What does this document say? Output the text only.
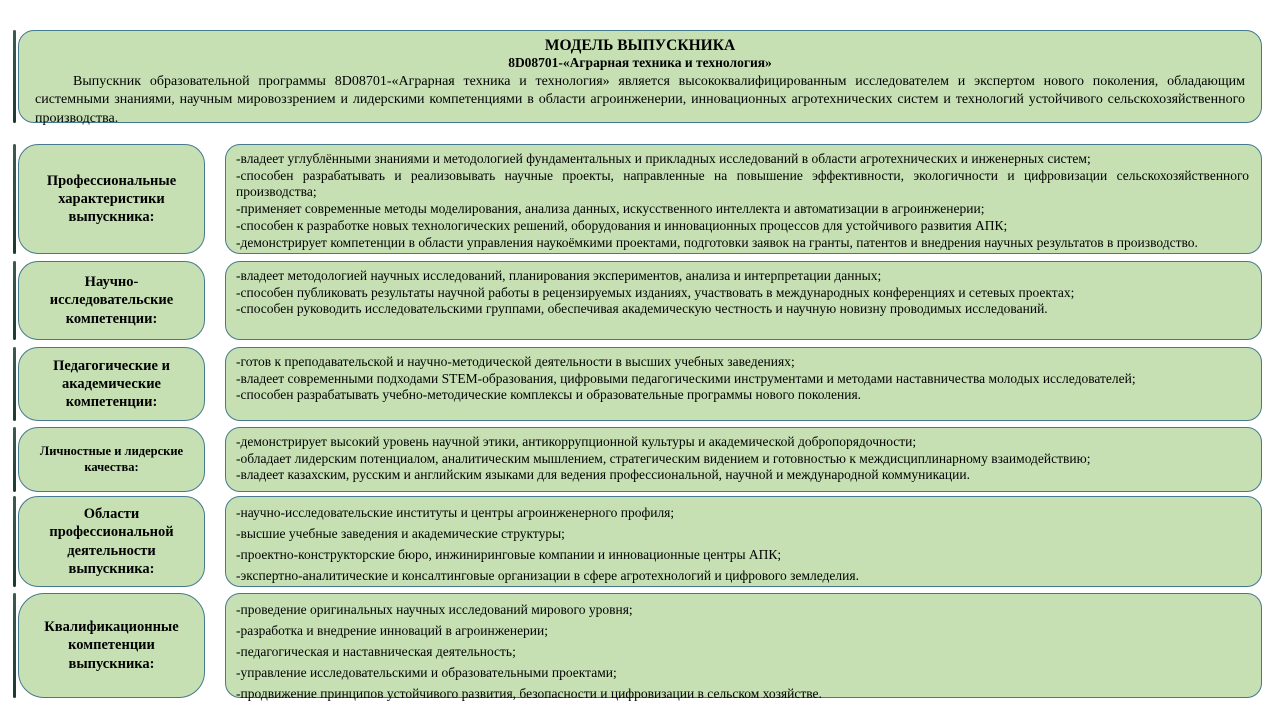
МОДЕЛЬ ВЫПУСКНИКА
8D08701-«Аграрная техника и технология»
Выпускник образовательной программы 8D08701-«Аграрная техника и технология» является высококвалифицированным исследователем и экспертом нового поколения, обладающим системными знаниями, научным мировоззрением и лидерскими компетенциями в области агроинженерии, инновационных агротехнических систем и технологий устойчивого сельскохозяйственного производства.
Профессиональные характеристики выпускника:
-владеет углублёнными знаниями и методологией фундаментальных и прикладных исследований в области агротехнических и инженерных систем;
-способен разрабатывать и реализовывать научные проекты, направленные на повышение эффективности, экологичности и цифровизации сельскохозяйственного производства;
-применяет современные методы моделирования, анализа данных, искусственного интеллекта и автоматизации в агроинженерии;
-способен к разработке новых технологических решений, оборудования и инновационных процессов для устойчивого развития АПК;
-демонстрирует компетенции в области управления наукоёмкими проектами, подготовки заявок на гранты, патентов и внедрения научных результатов в производство.
Научно-исследовательские компетенции:
-владеет методологией научных исследований, планирования экспериментов, анализа и интерпретации данных;
-способен публиковать результаты научной работы в рецензируемых изданиях, участвовать в международных конференциях и сетевых проектах;
-способен руководить исследовательскими группами, обеспечивая академическую честность и научную новизну проводимых исследований.
Педагогические и академические компетенции:
-готов к преподавательской и научно-методической деятельности в высших учебных заведениях;
-владеет современными подходами STEM-образования, цифровыми педагогическими инструментами и методами наставничества молодых исследователей;
-способен разрабатывать учебно-методические комплексы и образовательные программы нового поколения.
Личностные и лидерские качества:
-демонстрирует высокий уровень научной этики, антикоррупционной культуры и академической добропорядочности;
-обладает лидерским потенциалом, аналитическим мышлением, стратегическим видением и готовностью к междисциплинарному взаимодействию;
-владеет казахским, русским и английским языками для ведения профессиональной, научной и международной коммуникации.
Области профессиональной деятельности выпускника:
-научно-исследовательские институты и центры агроинженерного профиля;
-высшие учебные заведения и академические структуры;
-проектно-конструкторские бюро, инжиниринговые компании и инновационные центры АПК;
-экспертно-аналитические и консалтинговые организации в сфере агротехнологий и цифрового земледелия.
Квалификационные компетенции выпускника:
-проведение оригинальных научных исследований мирового уровня;
-разработка и внедрение инноваций в агроинженерии;
-педагогическая и наставническая деятельность;
-управление исследовательскими и образовательными проектами;
-продвижение принципов устойчивого развития, безопасности и цифровизации в сельском хозяйстве.
